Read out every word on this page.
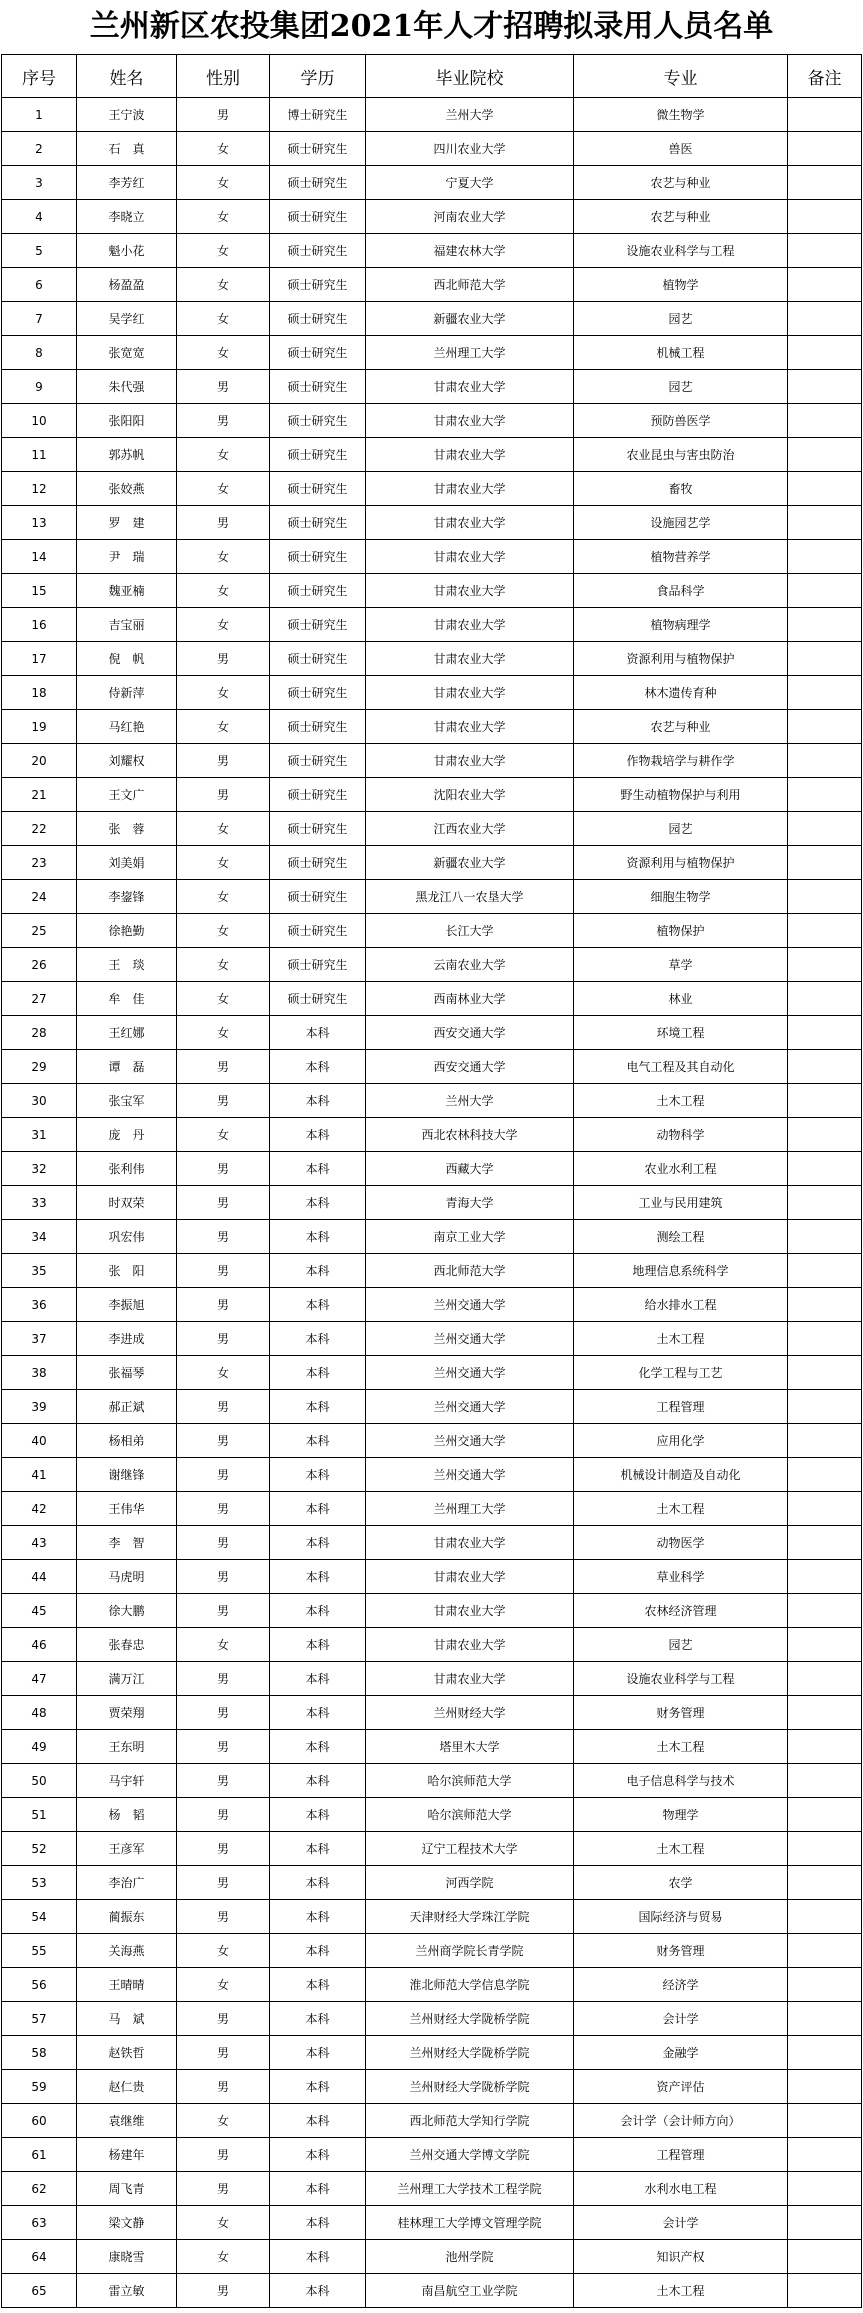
兰州新区农投集团2021年人才招聘拟录用人员名单
序号	姓名	性别	学历	毕业院校	专业	备注
1	王宁波	男	博士研究生	兰州大学	微生物学	
2	石　真	女	硕士研究生	四川农业大学	兽医	
3	李芳红	女	硕士研究生	宁夏大学	农艺与种业	
4	李晓立	女	硕士研究生	河南农业大学	农艺与种业	
5	魁小花	女	硕士研究生	福建农林大学	设施农业科学与工程	
6	杨盈盈	女	硕士研究生	西北师范大学	植物学	
7	吴学红	女	硕士研究生	新疆农业大学	园艺	
8	张宽宽	女	硕士研究生	兰州理工大学	机械工程	
9	朱代强	男	硕士研究生	甘肃农业大学	园艺	
10	张阳阳	男	硕士研究生	甘肃农业大学	预防兽医学	
11	郭苏帆	女	硕士研究生	甘肃农业大学	农业昆虫与害虫防治	
12	张姣燕	女	硕士研究生	甘肃农业大学	畜牧	
13	罗　建	男	硕士研究生	甘肃农业大学	设施园艺学	
14	尹　瑞	女	硕士研究生	甘肃农业大学	植物营养学	
15	魏亚楠	女	硕士研究生	甘肃农业大学	食品科学	
16	吉宝丽	女	硕士研究生	甘肃农业大学	植物病理学	
17	倪　帆	男	硕士研究生	甘肃农业大学	资源利用与植物保护	
18	侍新萍	女	硕士研究生	甘肃农业大学	林木遗传育种	
19	马红艳	女	硕士研究生	甘肃农业大学	农艺与种业	
20	刘耀权	男	硕士研究生	甘肃农业大学	作物栽培学与耕作学	
21	王文广	男	硕士研究生	沈阳农业大学	野生动植物保护与利用	
22	张　蓉	女	硕士研究生	江西农业大学	园艺	
23	刘美娟	女	硕士研究生	新疆农业大学	资源利用与植物保护	
24	李鋆锋	女	硕士研究生	黑龙江八一农垦大学	细胞生物学	
25	徐艳勤	女	硕士研究生	长江大学	植物保护	
26	王　琰	女	硕士研究生	云南农业大学	草学	
27	牟　佳	女	硕士研究生	西南林业大学	林业	
28	王红娜	女	本科	西安交通大学	环境工程	
29	谭　磊	男	本科	西安交通大学	电气工程及其自动化	
30	张宝军	男	本科	兰州大学	土木工程	
31	庞　丹	女	本科	西北农林科技大学	动物科学	
32	张利伟	男	本科	西藏大学	农业水利工程	
33	时双荣	男	本科	青海大学	工业与民用建筑	
34	巩宏伟	男	本科	南京工业大学	测绘工程	
35	张　阳	男	本科	西北师范大学	地理信息系统科学	
36	李振旭	男	本科	兰州交通大学	给水排水工程	
37	李进成	男	本科	兰州交通大学	土木工程	
38	张福琴	女	本科	兰州交通大学	化学工程与工艺	
39	郝正斌	男	本科	兰州交通大学	工程管理	
40	杨相弟	男	本科	兰州交通大学	应用化学	
41	谢继锋	男	本科	兰州交通大学	机械设计制造及自动化	
42	王伟华	男	本科	兰州理工大学	土木工程	
43	李　智	男	本科	甘肃农业大学	动物医学	
44	马虎明	男	本科	甘肃农业大学	草业科学	
45	徐大鹏	男	本科	甘肃农业大学	农林经济管理	
46	张春忠	女	本科	甘肃农业大学	园艺	
47	满万江	男	本科	甘肃农业大学	设施农业科学与工程	
48	贾荣翔	男	本科	兰州财经大学	财务管理	
49	王东明	男	本科	塔里木大学	土木工程	
50	马宇轩	男	本科	哈尔滨师范大学	电子信息科学与技术	
51	杨　韬	男	本科	哈尔滨师范大学	物理学	
52	王彦军	男	本科	辽宁工程技术大学	土木工程	
53	李治广	男	本科	河西学院	农学	
54	蔺振东	男	本科	天津财经大学珠江学院	国际经济与贸易	
55	关海燕	女	本科	兰州商学院长青学院	财务管理	
56	王晴晴	女	本科	淮北师范大学信息学院	经济学	
57	马　斌	男	本科	兰州财经大学陇桥学院	会计学	
58	赵铁哲	男	本科	兰州财经大学陇桥学院	金融学	
59	赵仁贵	男	本科	兰州财经大学陇桥学院	资产评估	
60	袁继维	女	本科	西北师范大学知行学院	会计学（会计师方向）	
61	杨建年	男	本科	兰州交通大学博文学院	工程管理	
62	周飞青	男	本科	兰州理工大学技术工程学院	水利水电工程	
63	梁文静	女	本科	桂林理工大学博文管理学院	会计学	
64	康晓雪	女	本科	池州学院	知识产权	
65	雷立敏	男	本科	南昌航空工业学院	土木工程	
